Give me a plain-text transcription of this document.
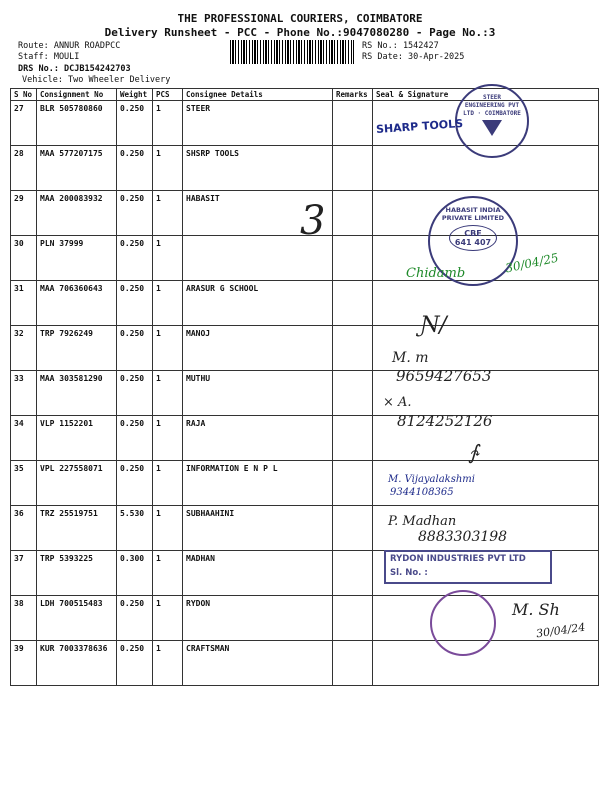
THE PROFESSIONAL COURIERS, COIMBATORE
Delivery Runsheet - PCC - Phone No.:9047080280 - Page No.:3
Route: ANNUR ROADPCC
Staff: MOULI
DRS No.: DCJB154242703
Vehicle: Two Wheeler Delivery
RS No.: 1542427
RS Date: 30-Apr-2025
S No	Consignment No	Weight	PCS	Consignee Details	Remarks	Seal & Signature
27	BLR 505780860	0.250	1	STEER		
28	MAA 577207175	0.250	1	SHSRP TOOLS		
29	MAA 200083932	0.250	1	HABASIT		
30	PLN 37999	0.250	1			
31	MAA 706360643	0.250	1	ARASUR G SCHOOL		
32	TRP 7926249	0.250	1	MANOJ		
33	MAA 303581290	0.250	1	MUTHU		
34	VLP 1152201	0.250	1	RAJA		
35	VPL 227558071	0.250	1	INFORMATION E N P L		
36	TRZ 25519751	5.530	1	SUBHAAHINI		
37	TRP 5393225	0.300	1	MADHAN		
38	LDH 700515483	0.250	1	RYDON		
39	KUR 7003378636	0.250	1	CRAFTSMAN		
STEER ENGINEERING PVT LTD · COIMBATORE
SHARP TOOLS
HABASIT INDIA PRIVATE LIMITED
CBE
641 407
3
30/04/25
Chidamb
Ɲ/
M. m
9659427653
× A.
8124252126
∱
M. Vijayalakshmi
9344108365
P. Madhan
8883303198
RYDON INDUSTRIES PVT LTD
Sl. No. :
M. Sh
30/04/24
